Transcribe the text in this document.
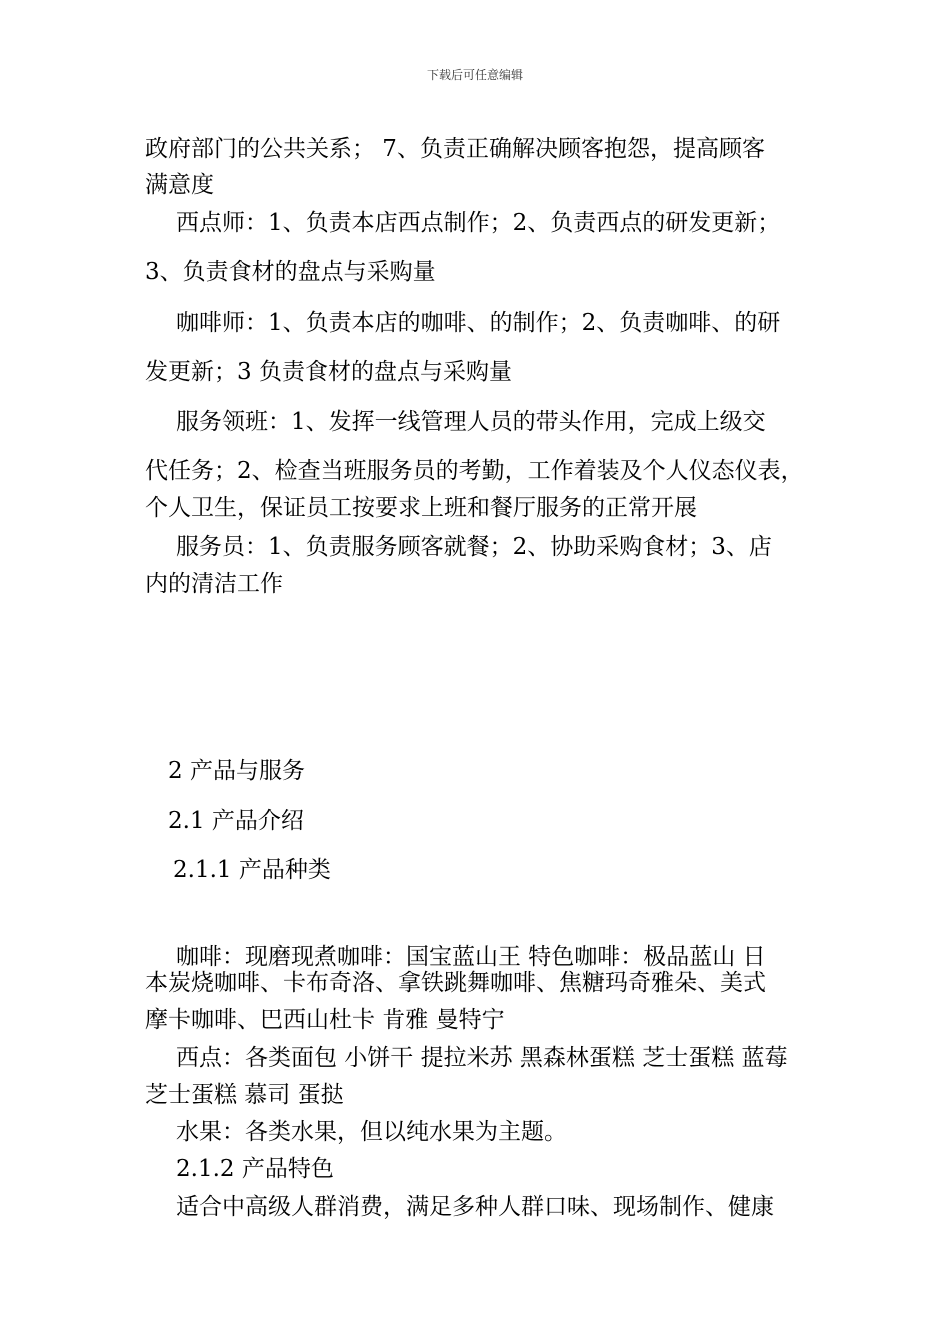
下载后可任意编辑
政府部门的公共关系； 7、负责正确解决顾客抱怨，提高顾客
满意度
西点师：1、负责本店西点制作；2、负责西点的研发更新；
3、负责食材的盘点与采购量
咖啡师：1、负责本店的咖啡、的制作；2、负责咖啡、的研
发更新；3 负责食材的盘点与采购量
服务领班：1、发挥一线管理人员的带头作用，完成上级交
代任务；2、检查当班服务员的考勤，工作着装及个人仪态仪表，
个人卫生，保证员工按要求上班和餐厅服务的正常开展
服务员：1、负责服务顾客就餐；2、协助采购食材；3、店
内的清洁工作
2 产品与服务
2.1 产品介绍
2.1.1 产品种类
咖啡：现磨现煮咖啡：国宝蓝山王 特色咖啡：极品蓝山 日
本炭烧咖啡、卡布奇洛、拿铁跳舞咖啡、焦糖玛奇雅朵、美式
摩卡咖啡、巴西山杜卡 肯雅 曼特宁
西点：各类面包 小饼干 提拉米苏 黑森林蛋糕 芝士蛋糕 蓝莓
芝士蛋糕 慕司 蛋挞
水果：各类水果，但以纯水果为主题。
2.1.2 产品特色
适合中高级人群消费，满足多种人群口味、现场制作、健康
